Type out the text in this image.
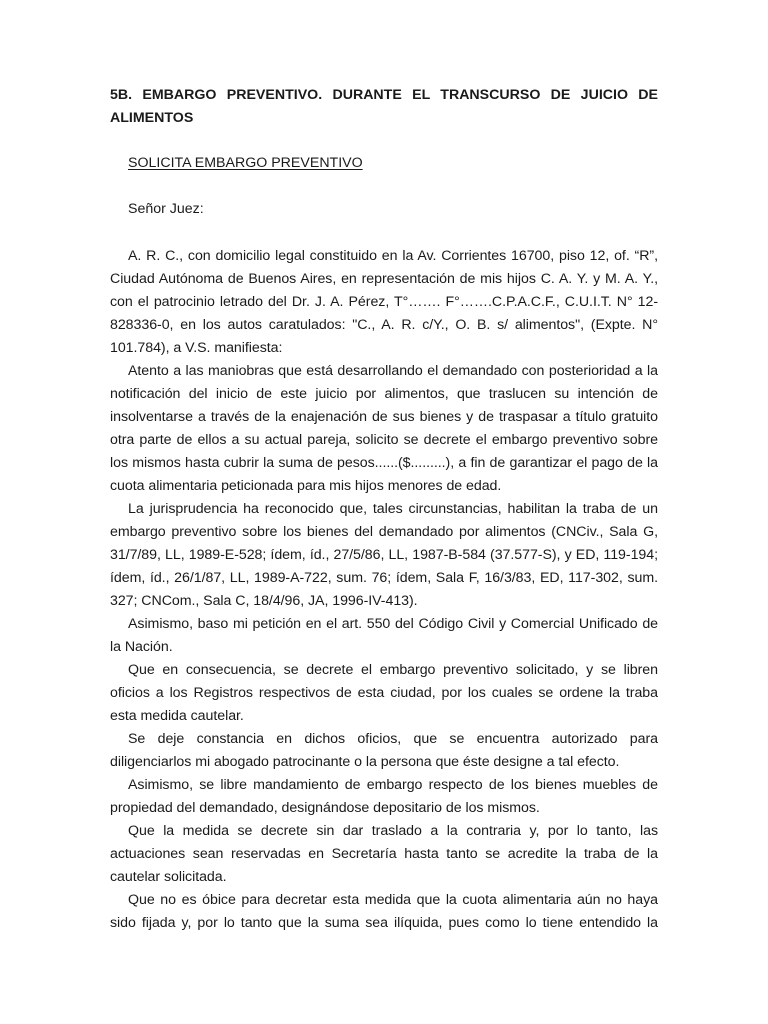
5B. EMBARGO PREVENTIVO. DURANTE EL TRANSCURSO DE JUICIO DE ALIMENTOS

SOLICITA EMBARGO PREVENTIVO

Señor Juez:

A. R. C., con domicilio legal constituido en la Av. Corrientes 16700, piso 12, of. “R”, Ciudad Autónoma de Buenos Aires, en representación de mis hijos C. A. Y. y M. A. Y., con el patrocinio letrado del Dr. J. A. Pérez, T°……. F°…….C.P.A.C.F., C.U.I.T. N° 12-828336-0, en los autos caratulados: "C., A. R. c/Y., O. B. s/ alimentos", (Expte. N° 101.784), a V.S. manifiesta:

Atento a las maniobras que está desarrollando el demandado con posterioridad a la notificación del inicio de este juicio por alimentos, que traslucen su intención de insolventarse a través de la enajenación de sus bienes y de traspasar a título gratuito otra parte de ellos a su actual pareja, solicito se decrete el embargo preventivo sobre los mismos hasta cubrir la suma de pesos......($.........), a fin de garantizar el pago de la cuota alimentaria peticionada para mis hijos menores de edad.

La jurisprudencia ha reconocido que, tales circunstancias, habilitan la traba de un embargo preventivo sobre los bienes del demandado por alimentos (CNCiv., Sala G, 31/7/89, LL, 1989-E-528; ídem, íd., 27/5/86, LL, 1987-B-584 (37.577-S), y ED, 119-194; ídem, íd., 26/1/87, LL, 1989-A-722, sum. 76; ídem, Sala F, 16/3/83, ED, 117-302, sum. 327; CNCom., Sala C, 18/4/96, JA, 1996-IV-413).

Asimismo, baso mi petición en el art. 550 del Código Civil y Comercial Unificado de la Nación.

Que en consecuencia, se decrete el embargo preventivo solicitado, y se libren oficios a los Registros respectivos de esta ciudad, por los cuales se ordene la traba esta medida cautelar.

Se deje constancia en dichos oficios, que se encuentra autorizado para diligenciarlos mi abogado patrocinante o la persona que éste designe a tal efecto.

Asimismo, se libre mandamiento de embargo respecto de los bienes muebles de propiedad del demandado, designándose depositario de los mismos.

Que la medida se decrete sin dar traslado a la contraria y, por lo tanto, las actuaciones sean reservadas en Secretaría hasta tanto se acredite la traba de la cautelar solicitada.

Que no es óbice para decretar esta medida que la cuota alimentaria aún no haya sido fijada y, por lo tanto que la suma sea ilíquida, pues como lo tiene entendido la
